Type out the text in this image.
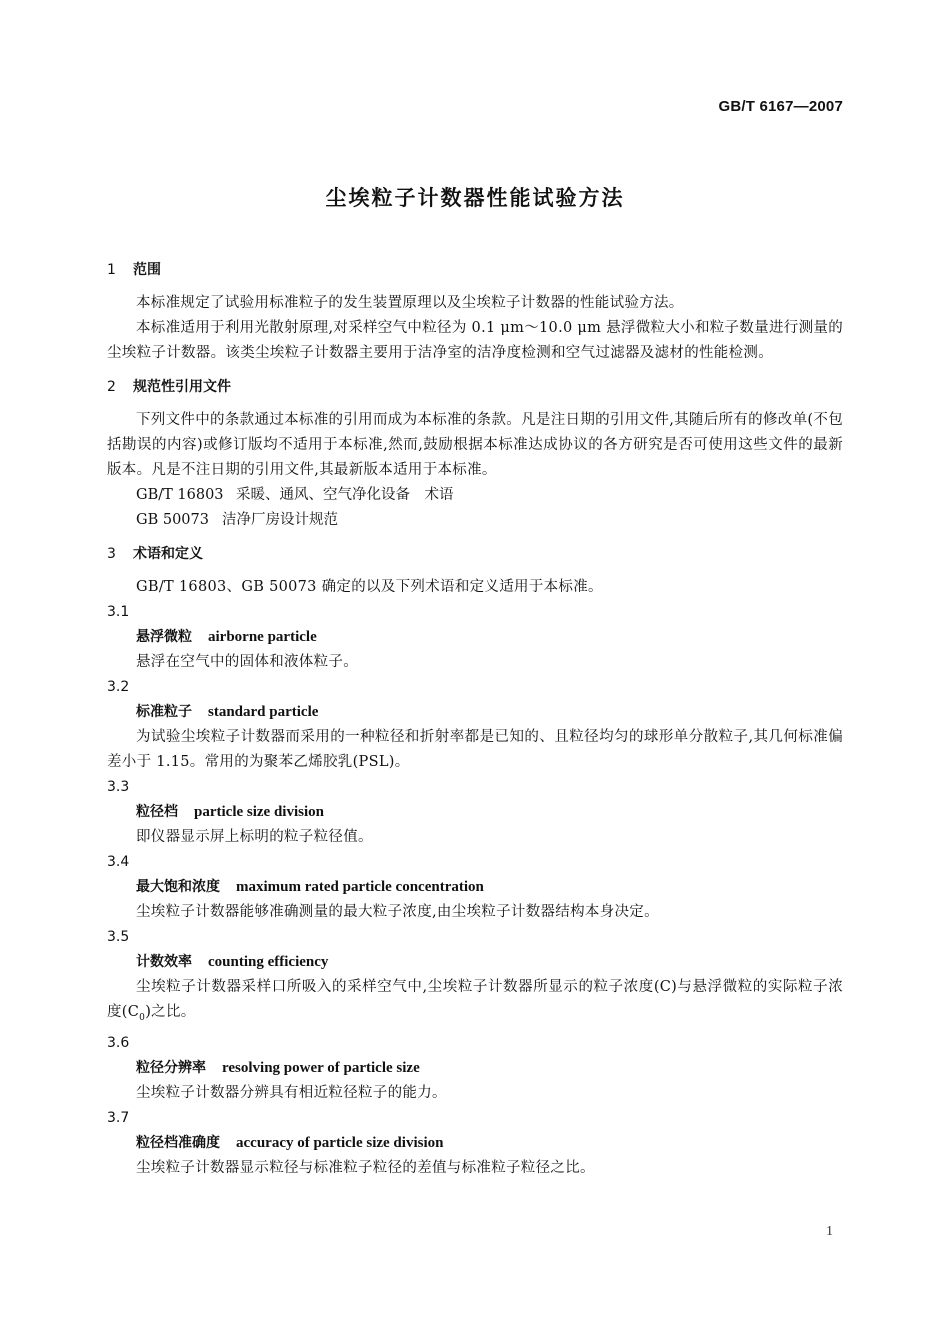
GB/T 6167—2007
尘埃粒子计数器性能试验方法
1 范围

本标准规定了试验用标准粒子的发生装置原理以及尘埃粒子计数器的性能试验方法。

本标准适用于利用光散射原理,对采样空气中粒径为 0.1 μm～10.0 μm 悬浮微粒大小和粒子数量进行测量的尘埃粒子计数器。该类尘埃粒子计数器主要用于洁净室的洁净度检测和空气过滤器及滤材的性能检测。

2 规范性引用文件

下列文件中的条款通过本标准的引用而成为本标准的条款。凡是注日期的引用文件,其随后所有的修改单(不包括勘误的内容)或修订版均不适用于本标准,然而,鼓励根据本标准达成协议的各方研究是否可使用这些文件的最新版本。凡是不注日期的引用文件,其最新版本适用于本标准。

GB/T 16803 采暖、通风、空气净化设备　术语

GB 50073 洁净厂房设计规范

3 术语和定义

GB/T 16803、GB 50073 确定的以及下列术语和定义适用于本标准。

3.1
悬浮微粒 airborne particle

悬浮在空气中的固体和液体粒子。

3.2
标准粒子 standard particle

为试验尘埃粒子计数器而采用的一种粒径和折射率都是已知的、且粒径均匀的球形单分散粒子,其几何标准偏差小于 1.15。常用的为聚苯乙烯胶乳(PSL)。

3.3
粒径档 particle size division

即仪器显示屏上标明的粒子粒径值。

3.4
最大饱和浓度 maximum rated particle concentration

尘埃粒子计数器能够准确测量的最大粒子浓度,由尘埃粒子计数器结构本身决定。

3.5
计数效率 counting efficiency

尘埃粒子计数器采样口所吸入的采样空气中,尘埃粒子计数器所显示的粒子浓度(C)与悬浮微粒的实际粒子浓度$(C_0)$之比。

3.6
粒径分辨率 resolving power of particle size

尘埃粒子计数器分辨具有相近粒径粒子的能力。

3.7
粒径档准确度 accuracy of particle size division

尘埃粒子计数器显示粒径与标准粒子粒径的差值与标准粒子粒径之比。

1
